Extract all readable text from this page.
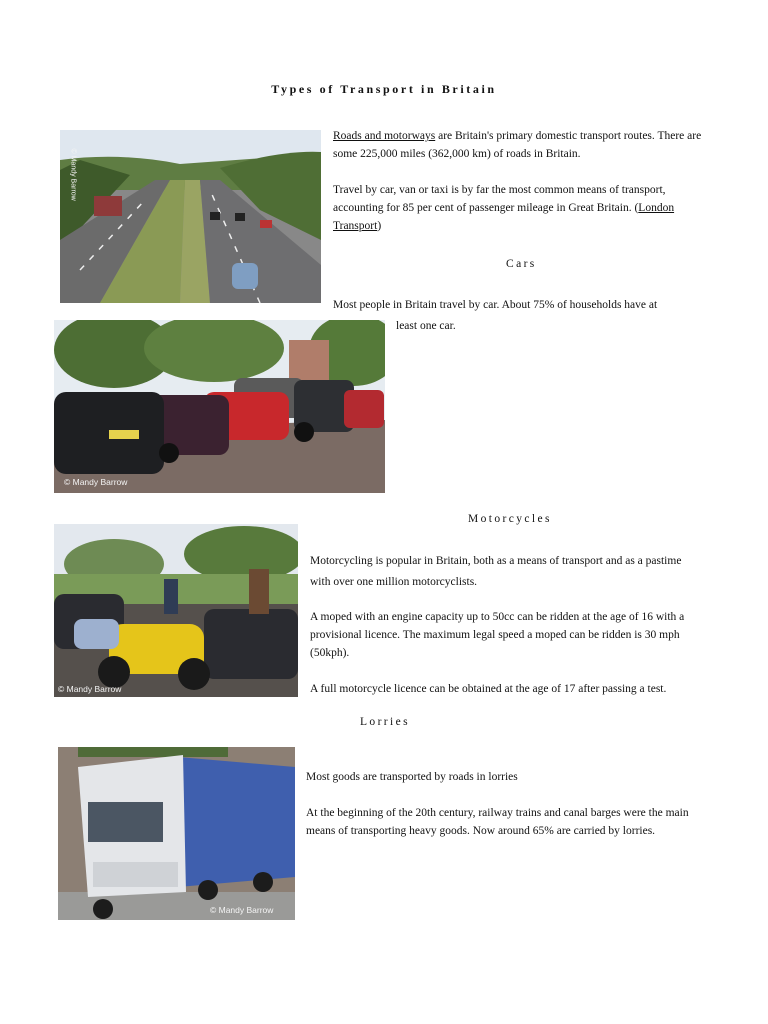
Types of Transport in Britain
© Mandy Barrow
Roads and motorways are Britain's primary domestic transport routes. There are some 225,000 miles (362,000 km) of roads in Britain.
Travel by car, van or taxi is by far the most common means of transport, accounting for 85 per cent of passenger mileage in Great Britain. (London Transport)
Cars
© Mandy Barrow
Most people in Britain travel by car. About 75% of households have at
least one car.
Motorcycles
© Mandy Barrow
Motorcycling is popular in Britain, both as a means of transport and as a pastime with over one million motorcyclists.
A moped with an engine capacity up to 50cc can be ridden at the age of 16 with a provisional licence. The maximum legal speed a moped can be ridden is 30 mph (50kph).
A full motorcycle licence can be obtained at the age of 17 after passing a test.
Lorries
© Mandy Barrow
Most goods are transported by roads in lorries
At the beginning of the 20th century, railway trains and canal barges were the main means of transporting heavy goods. Now around 65% are carried by lorries.
